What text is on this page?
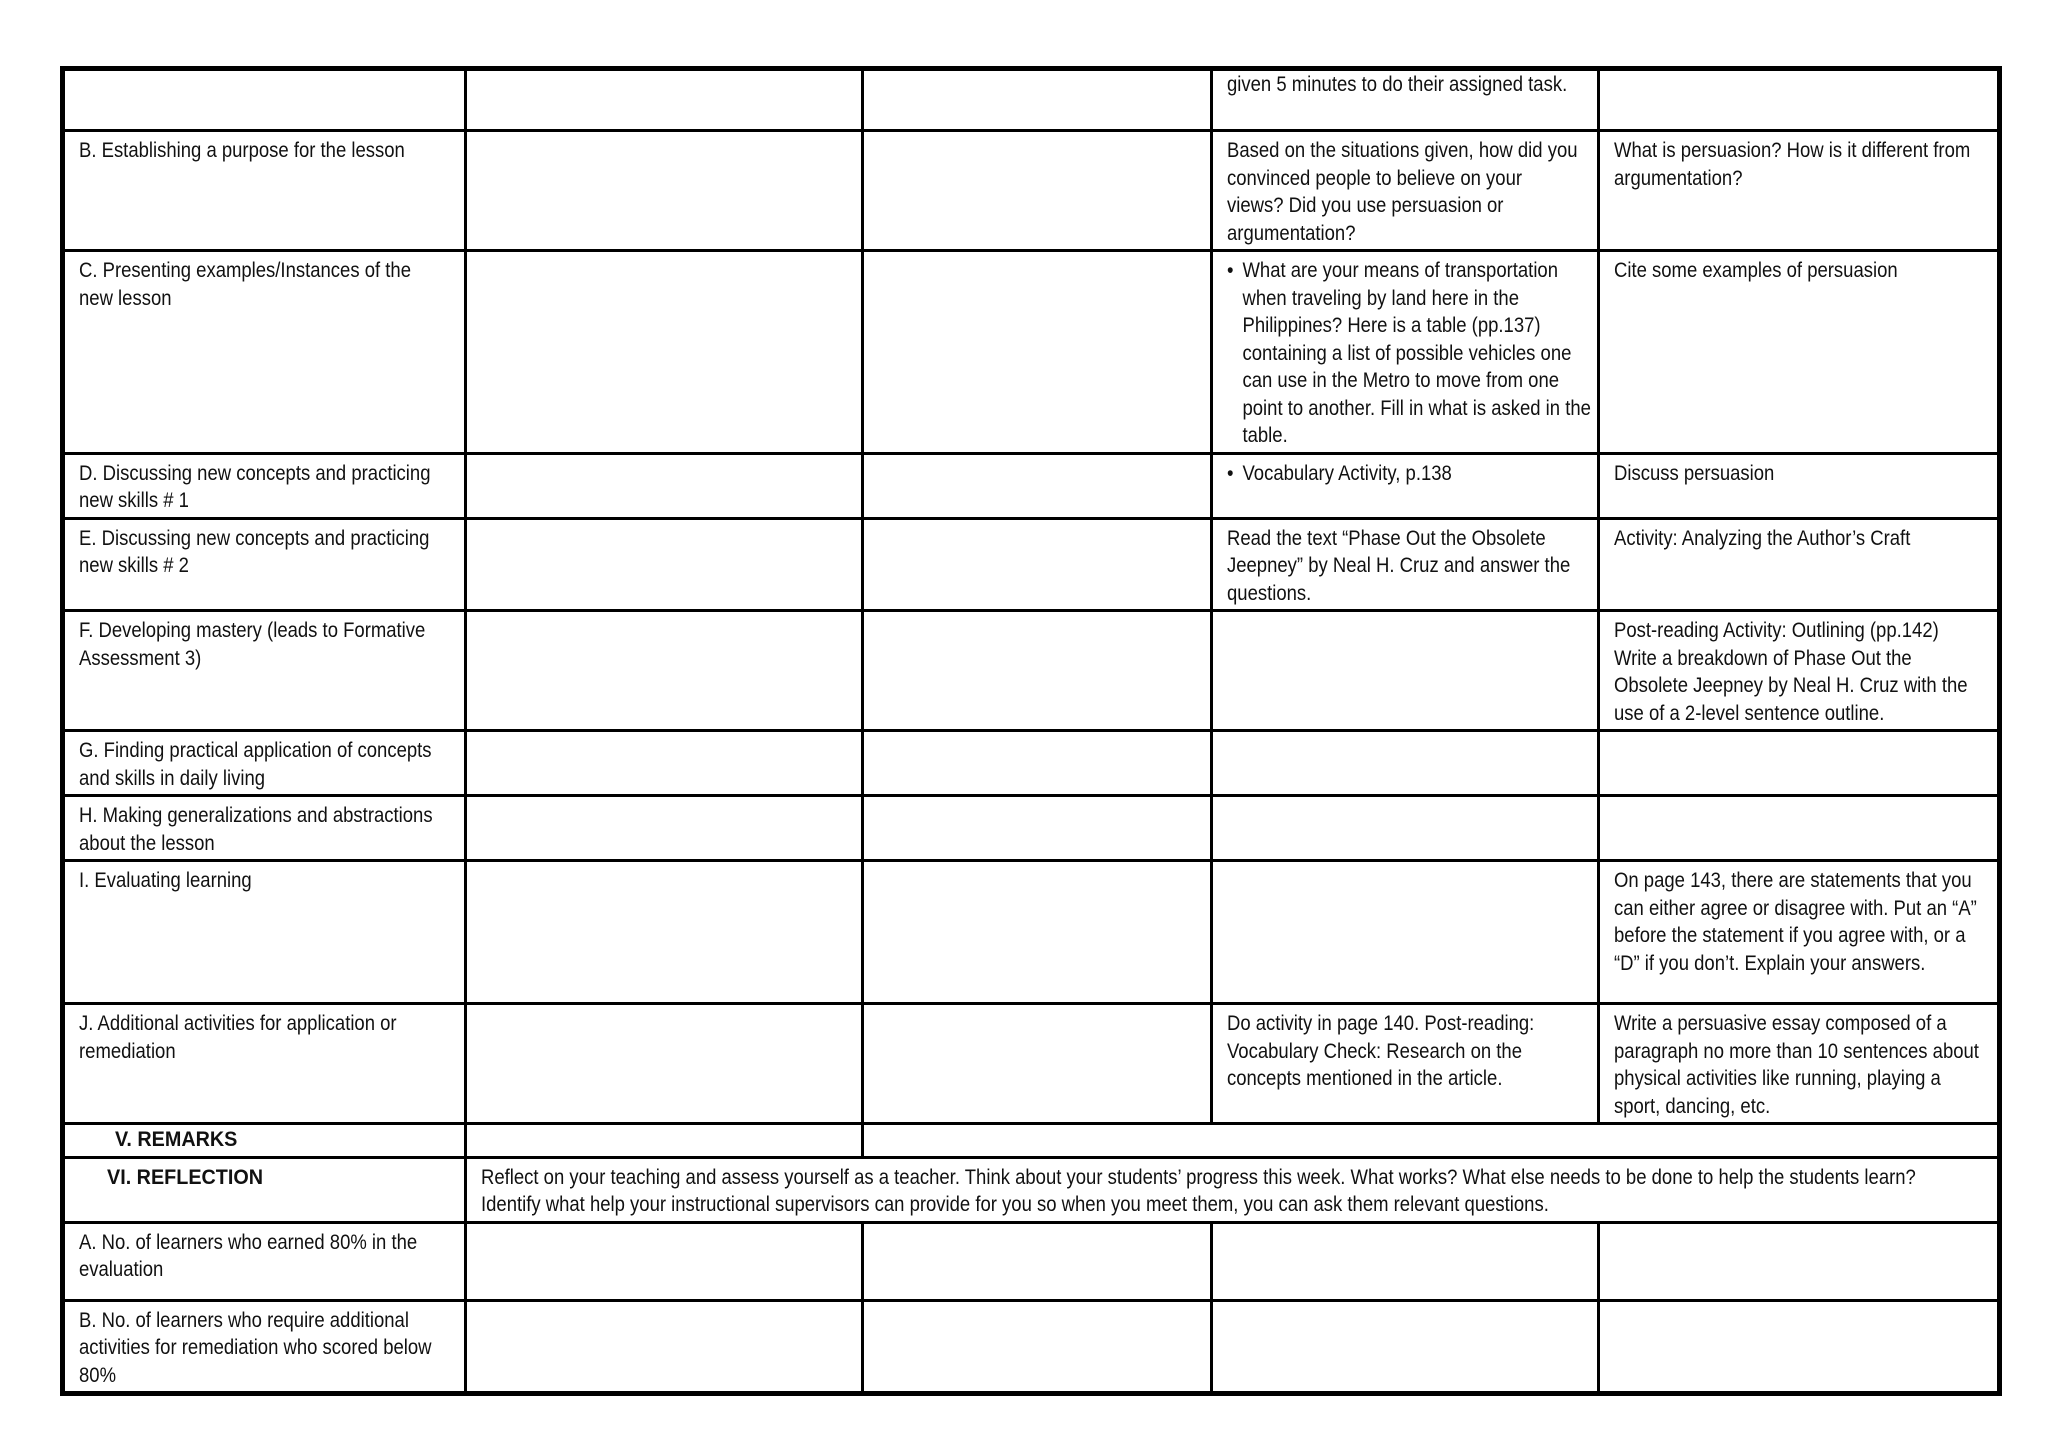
			given 5 minutes to do their assigned task.	

B. Establishing a purpose for the lesson			Based on the situations given, how did you convinced people to believe on your views? Did you use persuasion or argumentation?	What is persuasion? How is it different from argumentation?

C. Presenting examples/Instances of the new lesson			• What are your means of transportation when traveling by land here in the Philippines? Here is a table (pp.137) containing a list of possible vehicles one can use in the Metro to move from one point to another. Fill in what is asked in the table.	Cite some examples of persuasion

D. Discussing new concepts and practicing new skills # 1			• Vocabulary Activity, p.138	Discuss persuasion

E. Discussing new concepts and practicing new skills # 2			Read the text “Phase Out the Obsolete Jeepney” by Neal H. Cruz and answer the questions.	Activity: Analyzing the Author’s Craft

F. Developing mastery (leads to Formative Assessment 3)				Post-reading Activity: Outlining (pp.142) Write a breakdown of Phase Out the Obsolete Jeepney by Neal H. Cruz with the use of a 2-level sentence outline.

G. Finding practical application of concepts and skills in daily living				

H. Making generalizations and abstractions about the lesson				

I. Evaluating learning				On page 143, there are statements that you can either agree or disagree with. Put an “A” before the statement if you agree with, or a “D” if you don’t. Explain your answers.

J. Additional activities for application or remediation			Do activity in page 140. Post-reading: Vocabulary Check: Research on the concepts mentioned in the article.	Write a persuasive essay composed of a paragraph no more than 10 sentences about physical activities like running, playing a sport, dancing, etc.

V. REMARKS				

VI. REFLECTION	Reflect on your teaching and assess yourself as a teacher. Think about your students’ progress this week. What works? What else needs to be done to help the students learn? Identify what help your instructional supervisors can provide for you so when you meet them, you can ask them relevant questions.			

A. No. of learners who earned 80% in the evaluation				

B. No. of learners who require additional activities for remediation who scored below 80%				
